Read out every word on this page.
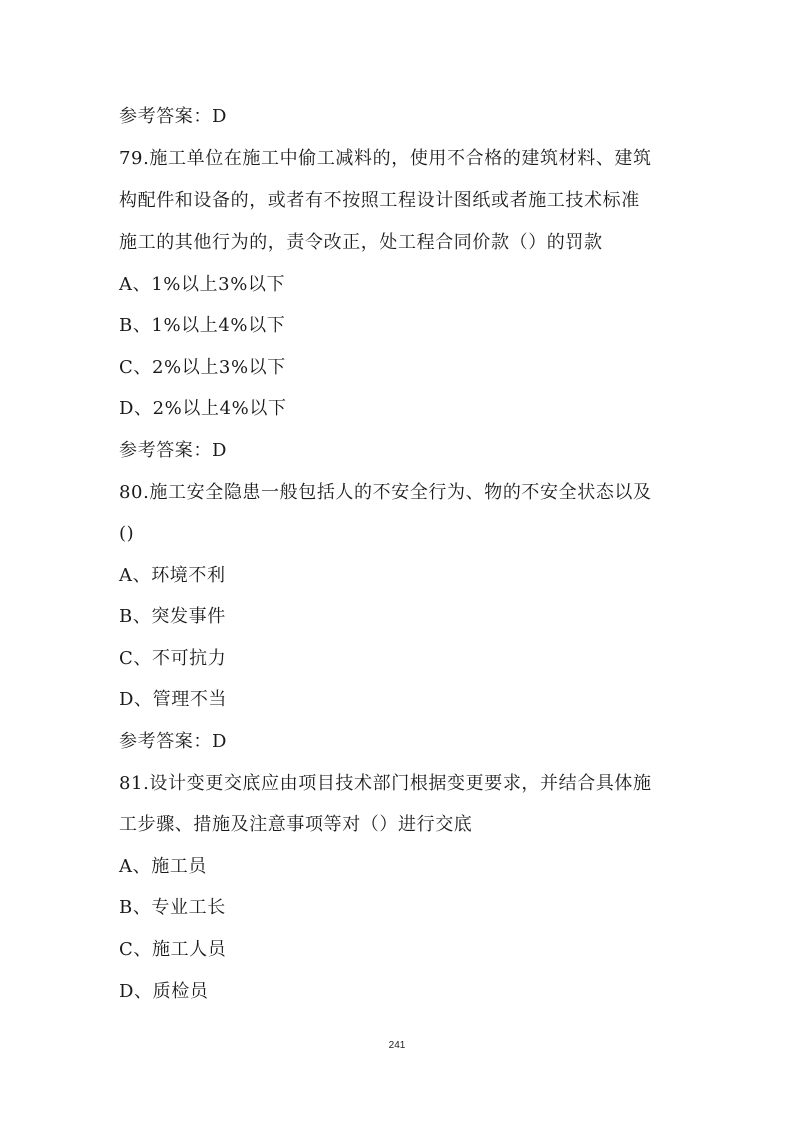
参考答案：D
79.施工单位在施工中偷工减料的，使用不合格的建筑材料、建筑
构配件和设备的，或者有不按照工程设计图纸或者施工技术标准
施工的其他行为的，责令改正，处工程合同价款（）的罚款
A、1%以上3%以下
B、1%以上4%以下
C、2%以上3%以下
D、2%以上4%以下
参考答案：D
80.施工安全隐患一般包括人的不安全行为、物的不安全状态以及
()
A、环境不利
B、突发事件
C、不可抗力
D、管理不当
参考答案：D
81.设计变更交底应由项目技术部门根据变更要求，并结合具体施
工步骤、措施及注意事项等对（）进行交底
A、施工员
B、专业工长
C、施工人员
D、质检员
241
